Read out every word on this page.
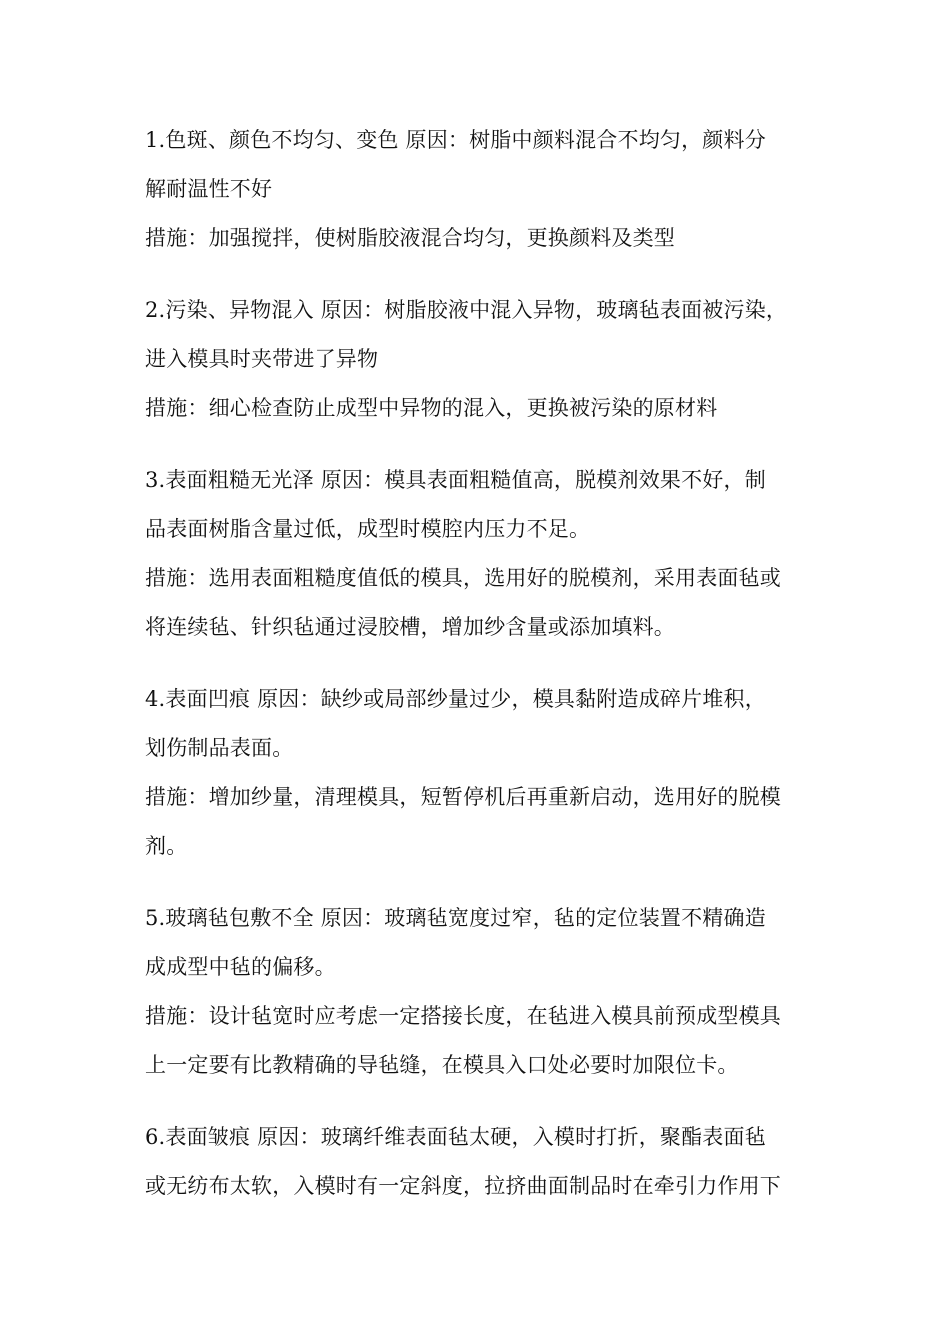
1.色斑、颜色不均匀、变色 原因：树脂中颜料混合不均匀，颜料分
解耐温性不好
措施：加强搅拌，使树脂胶液混合均匀，更换颜料及类型
2.污染、异物混入 原因：树脂胶液中混入异物，玻璃毡表面被污染，
进入模具时夹带进了异物
措施：细心检查防止成型中异物的混入，更换被污染的原材料
3.表面粗糙无光泽 原因：模具表面粗糙值高，脱模剂效果不好，制
品表面树脂含量过低，成型时模腔内压力不足。
措施：选用表面粗糙度值低的模具，选用好的脱模剂，采用表面毡或
将连续毡、针织毡通过浸胶槽，增加纱含量或添加填料。
4.表面凹痕 原因：缺纱或局部纱量过少，模具黏附造成碎片堆积，
划伤制品表面。
措施：增加纱量，清理模具，短暂停机后再重新启动，选用好的脱模
剂。
5.玻璃毡包敷不全 原因：玻璃毡宽度过窄，毡的定位装置不精确造
成成型中毡的偏移。
措施：设计毡宽时应考虑一定搭接长度，在毡进入模具前预成型模具
上一定要有比教精确的导毡缝，在模具入口处必要时加限位卡。
6.表面皱痕 原因：玻璃纤维表面毡太硬，入模时打折，聚酯表面毡
或无纺布太软，入模时有一定斜度，拉挤曲面制品时在牵引力作用下
